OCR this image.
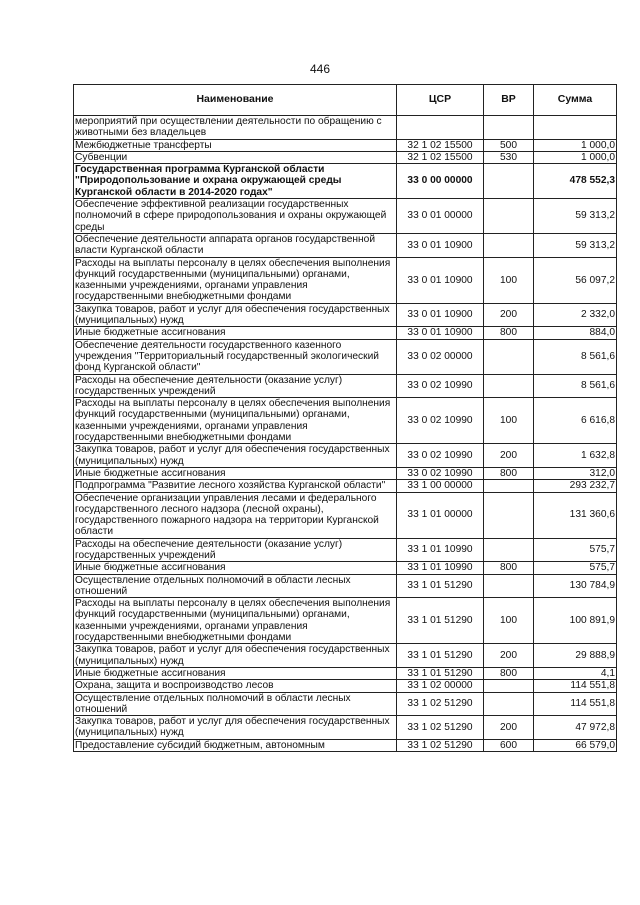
446
Наименование	ЦСР	ВР	Сумма
мероприятий при осуществлении деятельности по обращению с животными без владельцев			
Межбюджетные трансферты	32 1 02 15500	500	1 000,0
Субвенции	32 1 02 15500	530	1 000,0
Государственная программа Курганской области "Природопользование и охрана окружающей среды Курганской области в 2014-2020 годах"	33 0 00 00000		478 552,3
Обеспечение эффективной реализации государственных полномочий в сфере природопользования и охраны окружающей среды	33 0 01 00000		59 313,2
Обеспечение деятельности аппарата органов государственной власти Курганской области	33 0 01 10900		59 313,2
Расходы на выплаты персоналу в целях обеспечения выполнения функций государственными (муниципальными) органами, казенными учреждениями, органами управления государственными внебюджетными фондами	33 0 01 10900	100	56 097,2
Закупка товаров, работ и услуг для обеспечения государственных (муниципальных) нужд	33 0 01 10900	200	2 332,0
Иные бюджетные ассигнования	33 0 01 10900	800	884,0
Обеспечение деятельности государственного казенного учреждения "Территориальный государственный экологический фонд Курганской области"	33 0 02 00000		8 561,6
Расходы на обеспечение деятельности (оказание услуг) государственных учреждений	33 0 02 10990		8 561,6
Расходы на выплаты персоналу в целях обеспечения выполнения функций государственными (муниципальными) органами, казенными учреждениями, органами управления государственными внебюджетными фондами	33 0 02 10990	100	6 616,8
Закупка товаров, работ и услуг для обеспечения государственных (муниципальных) нужд	33 0 02 10990	200	1 632,8
Иные бюджетные ассигнования	33 0 02 10990	800	312,0
Подпрограмма "Развитие лесного хозяйства Курганской области"	33 1 00 00000		293 232,7
Обеспечение организации управления лесами и федерального государственного лесного надзора (лесной охраны), государственного пожарного надзора на территории Курганской области	33 1 01 00000		131 360,6
Расходы на обеспечение деятельности (оказание услуг) государственных учреждений	33 1 01 10990		575,7
Иные бюджетные ассигнования	33 1 01 10990	800	575,7
Осуществление отдельных полномочий в области лесных отношений	33 1 01 51290		130 784,9
Расходы на выплаты персоналу в целях обеспечения выполнения функций государственными (муниципальными) органами, казенными учреждениями, органами управления государственными внебюджетными фондами	33 1 01 51290	100	100 891,9
Закупка товаров, работ и услуг для обеспечения государственных (муниципальных) нужд	33 1 01 51290	200	29 888,9
Иные бюджетные ассигнования	33 1 01 51290	800	4,1
Охрана, защита и воспроизводство лесов	33 1 02 00000		114 551,8
Осуществление отдельных полномочий в области лесных отношений	33 1 02 51290		114 551,8
Закупка товаров, работ и услуг для обеспечения государственных (муниципальных) нужд	33 1 02 51290	200	47 972,8
Предоставление субсидий бюджетным, автономным	33 1 02 51290	600	66 579,0
